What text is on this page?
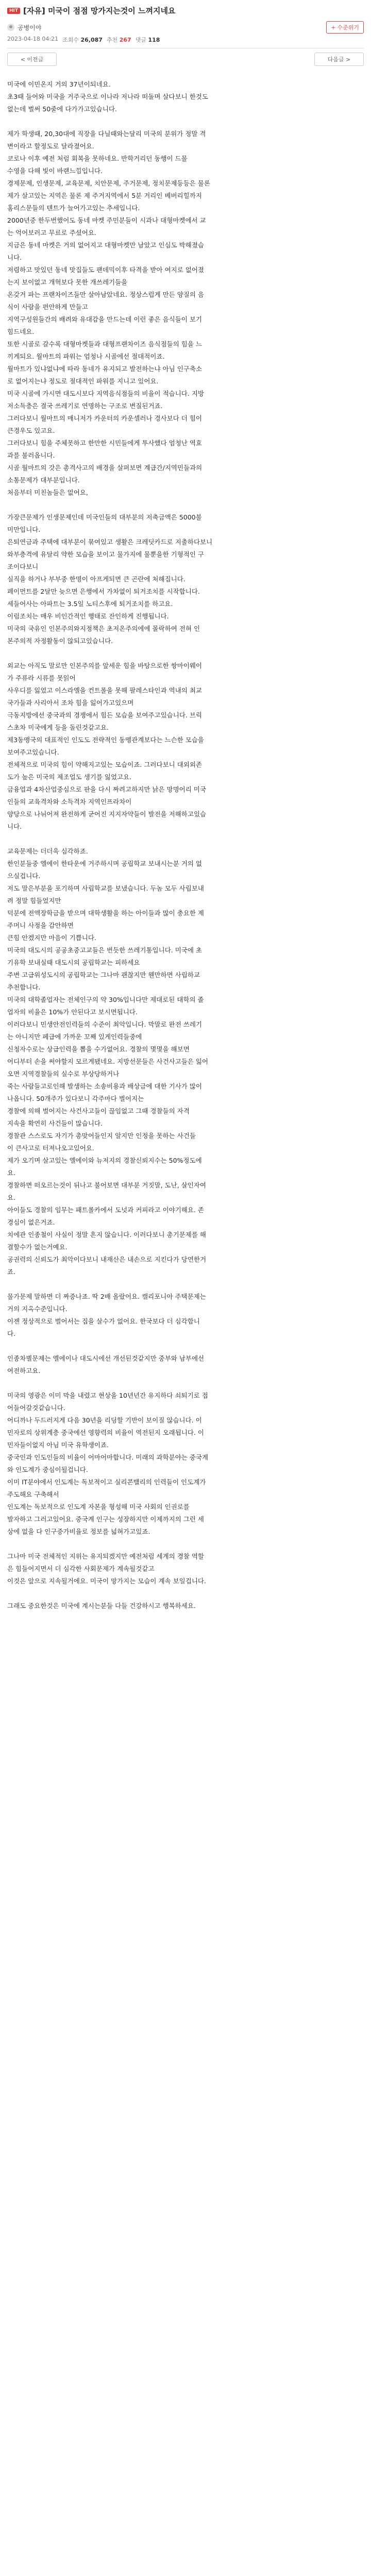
HIT [자유] 미국이 점점 망가지는것이 느껴지네요
공병이야	+ 수준위기
2023-04-18 04:21 조회수 26,087 추천 267 댓글 118
< 이전글	다음글 >

미국에 이민온지 거의 37년이되네요.

초3때 들어와 미국을 거주국으로 이나라 저나라 떠돌며 살다보니 한것도

없는데 벌써 50줄에 다가가고있습니다.

제가 학생때, 20,30대에 직장을 다닐때와는달리 미국의 분위가 정말 격

변이라고 할정도로 달라졌어요.

코로나 이후 예전 처럼 회복을 못하네요. 반학거리던 동행이 드물

수영을 다해 빛이 바랜느낌입니다.

경제문제, 인생문제, 교육문제, 치안문제, 주거문제, 정치문제등등은 물론

제가 살고있는 지역은 물론 제 주거지역에서 5분 거리인 베버리힐까지

홈리스문들의 텐트가 늘어가고있는 추세입니다.

2000년중 한두번했어도 동네 마켓 주민분들이 시과나 대형마켓에서 교

는 억어보러고 무료로 주셨어요.

지금은 동네 마켓은 거의 없어지고 대형마켓만 남았고 인심도 박해졌습

니다.

저렴하고 맛있던 동네 맛집들도 팬데믹이후 타격을 받아 여지로 없어졌

는지 보이없고 개혁보다 못한 개쓰레기들을

온갖거 파는 프랜차이즈들만 살아남았네요. 정상스럽게 만든 양질의 음

식이 사람을 편안하게 만들고

지역구성원들간의 배려와 유대감을 만드는데 이런 좋은 음식들이 보기

힘드네요.

또한 시골로 갈수록 대형마켓들과 대형프랜차이즈 음식점들의 힘을 느

끼게되요. 월마트의 파워는 엄청나 시골에선 절대적이죠.

월마트가 있냐없냐에 따라 동네가 유지되고 발전하는냐 아님 인구축소

로 없어지는냐 정도로 절대적인 파워를 지니고 있어요.

미국 시골에 가시면 대도시보다 지역음식점들의 비율이 적습니다. 지방

저소득층은 결국 쓰레기로 연명하는 구조로 변질된거죠.

그러다보니 월마트의 매니저가 카운터의 카운셀러나 경사보다 더 힘이

큰경우도 있고요.

그러다보니 힘을 주체못하고 한만한 시민들에게 투사했다 엄청난 역효

과를 불러옵니다.

시골 월마트의 갓은 총격사고의 배경을 살펴보면 계급간/지역민들과의

소통문제가 대부분입니다.

처음부터 미친놈들은 없어요,

가장큰문제가 인생문제인데 미국인들의 대부분의 저축금액은 5000불

미만입니다.

은퇴연금과 주택에 대부분이 묶여있고 생활은 크레딧카드로 지출하다보니

와부층격에 유달리 약한 모습을 보이고 물가지에 물뿐을한 기형적인 구

조이다보니

실직을 하거나 부부중 한명이 아프게되면 큰 곤란에 처해집니다.

페이먼트를 2달만 늦으면 은행에서 가차없이 퇴거조치를 시작합니다.

세들어사는 아파트는 3.5일 노티스후에 퇴거조치를 하고요.

이럼조치는 매우 비인간적인 행태로 잔인하게 진행됩니다.

미국의 국유인 인본주의와지정책은 초저온주의에에 몰락하여 전혀 인

본주의적 자정활동이 않되고있습니다.

외교는 아직도 말로만 인본주의를 앞세운 힘을 바탕으로한 쌍마이웨이

가 주류라 시류를 못읽어

사우디를 잃었고 이스라엘을 컨트롤을 못해 팔레스타인과 역내의 최교

국가들과 사리아서 조차 힘을 잃어가고있으며

극동지방에선 중국과의 경쟁에서 힘든 모습을 보여주고있습니다. 브릭

스초차 미국에게 등을 돌린것같고요.

제3동맹국의 대표적인 인도도 전략적인 동맹관계보다는 느슨한 모습을

보여주고있습니다.

전체적으로 미국의 힘이 약해지고있는 모습이죠. 그러다보니 대외외존

도가 높은 미국의 제조업도 생기를 잃었고요.

금융업과 4차산업중심으로 판을 다시 짜려고하지만 낡은 망명어리 미국

인들의 교육격차와 소득격차 지역인프라차이

양당으로 나뉘어져 완전하게 굳어진 지지자약들이 발전을 저해하고있습

니다.

교육문제는 더더욱 심각하죠.

한인분들중 엘에이 한타운에 거주하시며 공립학교 보내시는분 거의 없

으실겁니다.

저도 말은부분을 포기하며 사립학교를 보냈습니다. 두놈 모두 사립보내

려 정말 힘들었지만

덕분에 전액장학금을 받으며 대학생활을 하는 아이들과 많이 충요한 제

주머니 사정을 감안하면

큰힘 안겠지만 마음이 기쁩니다.

미국의 대도시의 공공초중고교들은 번듯한 쓰레기통입니다. 미국에 초

기유학 보내실때 대도시의 공립학교는 피하세요

주변 고급위성도시의 공립학교는 그나마 괜찮지만 웬만하면 사립하교

추천합니다.

미국의 대학졸업자는 전체인구의 약 30%입니다만 제대로된 대학의 졸

업자의 비율은 10%가 안된다고 보시면됩니다.

이러다보니 민생안전인력들의 수준이 최악입니다. 막말로 완전 쓰레기

는 아니지만 페급에 가까운 꼬째 있게인력들중에

신청자수로는 상급인력을 뽑을 수가없어요. 경찰의 몇몇을 해보면

어디부터 손을 써야할지 모르게됐네요. 지방선문들은 사건사고들은 잃어

오면 지역경찰들의 실수로 부상당하거나

죽는 사람들고로인해 발생하는 소송비용과 배상금에 대한 기사가 많이

나옵니다. 50개주가 있다보니 각주마다 벌어지는

경찰에 의해 벌어지는 사건사고들이 끊임없고 그때 경찰들의 자격

지속을 확연히 사건들이 많습니다.

경찰관 스스로도 자기가 총맞어들인지 알지만 인정을 못하는 사건들

이 큰사고로 터져나오고있어요.

제가 오기며 살고있는 엘에이와 뉴저지의 경찰신뢰지수는 50%정도에

요.

경찰하면 떠오르는것이 뒤나고 불어보면 대부분 거짓말, 도난, 살인자여

요.

아이들도 경찰의 임무는 패트롤카에서 도넛과 커피라고 이야기해요. 존

경심이 없은거죠.

치에관 인종철이 사실이 정말 흔지 않습니다. 이러다보니 총기문제를 해

결할수가 없는거예요.

공권력의 신뢰도가 최악이다보니 내재산은 내손으로 지킨다가 당연한거

죠.

물가문제 말하면 더 짜증나죠. 딱 2배 올랐어요. 캘리포니아 주택문제는

거의 지옥수준입니다.

이젠 정상적으로 벌어서는 집을 살수가 없어요. 한국보다 더 심각합니

다.

인종차별문제는 엘에이나 대도시에선 개선된것같지만 중부와 남부에선

여전하고요.

미국의 영광은 이미 막을 내렸고 현상을 10년년간 유지하다 쇠퇴기로 접

어들어갈것같습니다.

어디까나 두드러지게 다음 30년을 리딩할 기반이 보이질 않습니다. 이

민자로의 상위계층 중국에선 영향력의 비율이 역전된지 오래됩니다. 이

민자들이없지 아님 미국 유학생이죠.

중국인과 인도인들의 비율이 어마어마합니다. 미래의 과학분야는 중국계

와 인도계가 중심이될겁니다.

이미 IT분야에서 인도계는 독보적이고 실리콘밸리의 인력들이 인도계가

주도해요 구축해서

인도계는 독보적으로 인도계 자본을 형성해 미국 사회의 인권로를

발자하고 그러고있어요. 중국계 인구는 성장하지만 이제까지의 그런 세

상에 없을 다 인구증가비율로 정보를 넓혀가고있죠.

그나마 미국 전체적인 지위는 유지되겠지만 예전처럼 세계의 경찰 역할

은 힘들어지면서 더 심각한 사회문제가 계속될것같고

이것은 앞으로 지속될거에요. 미국이 망가지는 모습이 계속 보일겁니다.

그래도 중요한것은 미국에 계시는분들 다들 건강하시고 행복하세요.
